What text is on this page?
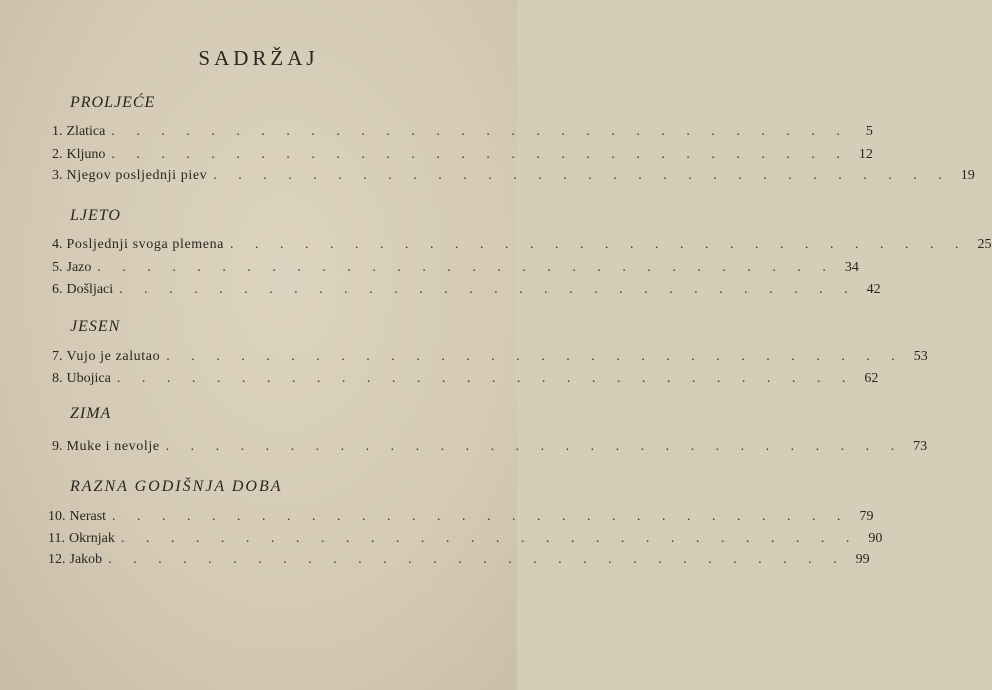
SADRŽAJ
PROLJEĆE
1. Zlatica . . . . . . . . . . . . . . . . . . . . . . . . . . . . . .	5
2. Kljuno . . . . . . . . . . . . . . . . . . . . . . . . . . . . . . 12
3. Njegov posljednji piev . . . . . . . . . . . . . . . . . . . . . . . . . . . . . . 19
LJETO
4. Posljednji svoga plemena . . . . . . . . . . . . . . . . . . . . . . . . . . . . . . 25
5. Jazo . . . . . . . . . . . . . . . . . . . . . . . . . . . . . . 34
6. Došljaci . . . . . . . . . . . . . . . . . . . . . . . . . . . . . . 42
JESEN
7. Vujo je zalutao . . . . . . . . . . . . . . . . . . . . . . . . . . . . . . 53
8. Ubojica . . . . . . . . . . . . . . . . . . . . . . . . . . . . . . 62
ZIMA
9. Muke i nevolje . . . . . . . . . . . . . . . . . . . . . . . . . . . . . . 73
RAZNA GODIŠNJA DOBA
10. Nerast . . . . . . . . . . . . . . . . . . . . . . . . . . . . . . 79
11. Okrnjak . . . . . . . . . . . . . . . . . . . . . . . . . . . . . . 90
12. Jakob . . . . . . . . . . . . . . . . . . . . . . . . . . . . . . 99
